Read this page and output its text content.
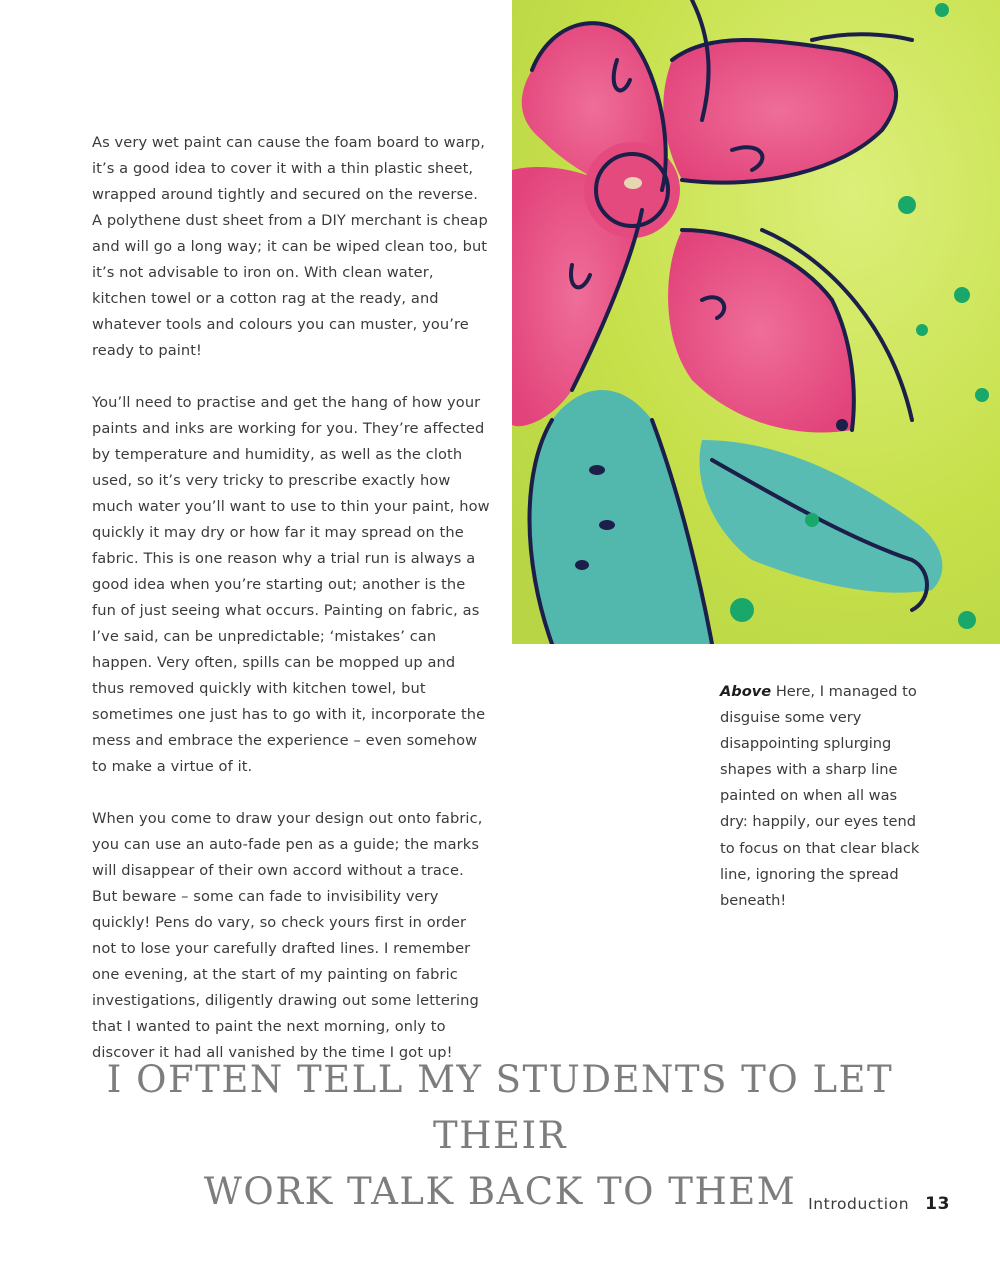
As very wet paint can cause the foam board to warp, it’s a good idea to cover it with a thin plastic sheet, wrapped around tightly and secured on the reverse. A polythene dust sheet from a DIY merchant is cheap and will go a long way; it can be wiped clean too, but it’s not advisable to iron on. With clean water, kitchen towel or a cotton rag at the ready, and whatever tools and colours you can muster, you’re ready to paint!

You’ll need to practise and get the hang of how your paints and inks are working for you. They’re affected by temperature and humidity, as well as the cloth used, so it’s very tricky to prescribe exactly how much water you’ll want to use to thin your paint, how quickly it may dry or how far it may spread on the fabric. This is one reason why a trial run is always a good idea when you’re starting out; another is the fun of just seeing what occurs. Painting on fabric, as I’ve said, can be unpredictable; ‘mistakes’ can happen. Very often, spills can be mopped up and thus removed quickly with kitchen towel, but sometimes one just has to go with it, incorporate the mess and embrace the experience – even somehow to make a virtue of it.

When you come to draw your design out onto fabric, you can use an auto-fade pen as a guide; the marks will disappear of their own accord without a trace. But beware – some can fade to invisibility very quickly! Pens do vary, so check yours first in order not to lose your carefully drafted lines. I remember one evening, at the start of my painting on fabric investigations, diligently drawing out some lettering that I wanted to paint the next morning, only to discover it had all vanished by the time I got up!

Above Here, I managed to disguise some very disappointing splurging shapes with a sharp line painted on when all was dry: happily, our eyes tend to focus on that clear black line, ignoring the spread beneath!
I OFTEN TELL MY STUDENTS TO LET THEIR
WORK TALK BACK TO THEM Introduction 13
